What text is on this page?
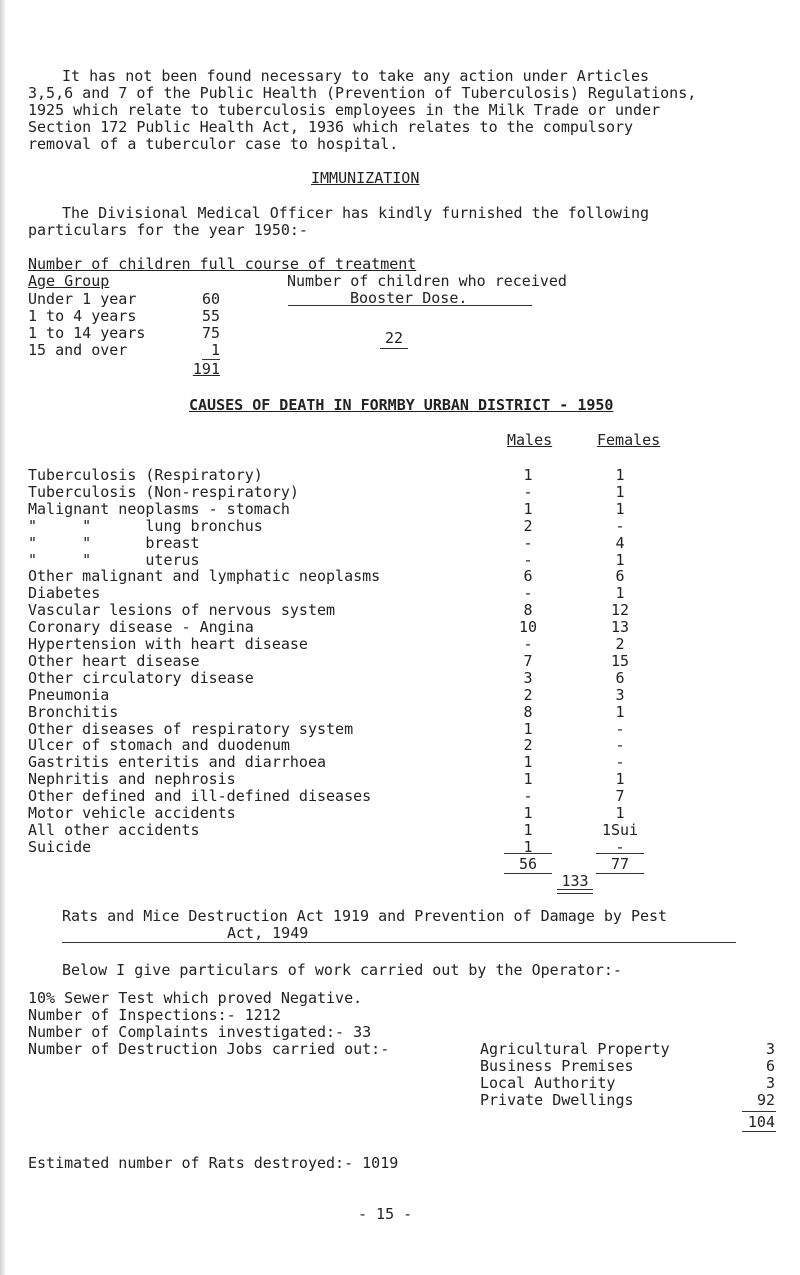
It has not been found necessary to take any action under Articles
3,5,6 and 7 of the Public Health (Prevention of Tuberculosis) Regulations,
1925 which relate to tuberculosis employees in the Milk Trade or under
Section 172 Public Health Act, 1936 which relates to the compulsory
removal of a tuberculor case to hospital.
IMMUNIZATION
The Divisional Medical Officer has kindly furnished the following
particulars for the year 1950:-
Number of children full course of treatment
Age Group	Number of children who received
Booster Dose.
Under 1 year	60
1 to 4 years	55
1 to 14 years	75
15 and over	1
191
22
CAUSES OF DEATH IN FORMBY URBAN DISTRICT - 1950
Males	Females
Tuberculosis (Respiratory)	1	1
Tuberculosis (Non-respiratory)	-	1
Malignant neoplasms - stomach	1	1
"     "      lung bronchus	2	-
"     "      breast	-	4
"     "      uterus	-	1
Other malignant and lymphatic neoplasms	6	6
Diabetes	-	1
Vascular lesions of nervous system	8	12
Coronary disease - Angina	10	13
Hypertension with heart disease	-	2
Other heart disease	7	15
Other circulatory disease	3	6
Pneumonia	2	3
Bronchitis	8	1
Other diseases of respiratory system	1	-
Ulcer of stomach and duodenum	2	-
Gastritis enteritis and diarrhoea	1	-
Nephritis and nephrosis	1	1
Other defined and ill-defined diseases	-	7
Motor vehicle accidents	1	1
All other accidents	1	1Sui
Suicide	1	-
56	77
133
Rats and Mice Destruction Act 1919 and Prevention of Damage by Pest
Act, 1949
Below I give particulars of work carried out by the Operator:-
10% Sewer Test which proved Negative.
Number of Inspections:- 1212
Number of Complaints investigated:- 33
Number of Destruction Jobs carried out:-	Agricultural Property	3
Business Premises	6
Local Authority	3
Private Dwellings	92
104
Estimated number of Rats destroyed:- 1019
- 15 -
